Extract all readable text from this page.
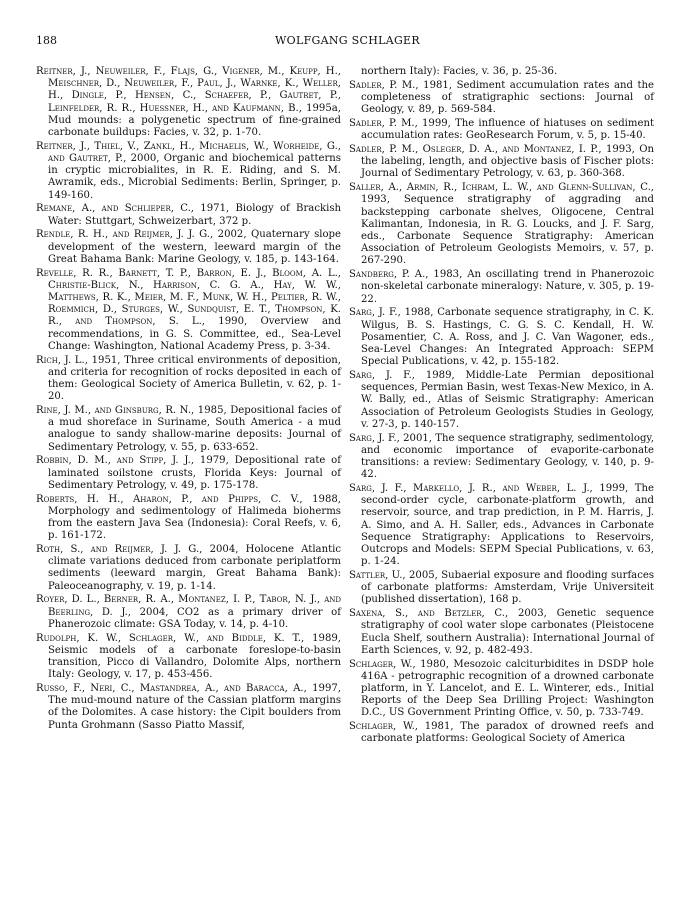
188	WOLFGANG SCHLAGER

Reitner, J., Neuweiler, F., Flajs, G., Vigener, M., Keupp, H., Meischner, D., Neuweiler, F., Paul, J., Warnke, K., Weller, H., Dingle, P., Hensen, C., Schaefer, P., Gautret, P., Leinfelder, R. R., Huessner, H., and Kaufmann, B., 1995a, Mud mounds: a polygenetic spectrum of fine-grained carbonate buildups: Facies, v. 32, p. 1-70.

Reitner, J., Thiel, V., Zankl, H., Michaelis, W., Worheide, G., and Gautret, P., 2000, Organic and biochemical patterns in cryptic microbialites, in R. E. Riding, and S. M. Awramik, eds., Microbial Sediments: Berlin, Springer, p. 149-160.

Remane, A., and Schlieper, C., 1971, Biology of Brackish Water: Stuttgart, Schweizerbart, 372 p.

Rendle, R. H., and Reijmer, J. J. G., 2002, Quaternary slope development of the western, leeward margin of the Great Bahama Bank: Marine Geology, v. 185, p. 143-164.

Revelle, R. R., Barnett, T. P., Barron, E. J., Bloom, A. L., Christie-Blick, N., Harrison, C. G. A., Hay, W. W., Matthews, R. K., Meier, M. F., Munk, W. H., Peltier, R. W., Roemmich, D., Sturges, W., Sundquist, E. T., Thompson, K. R., and Thompson, S. L., 1990, Overview and recommendations, in G. S. Committee, ed., Sea-Level Change: Washington, National Academy Press, p. 3-34.

Rich, J. L., 1951, Three critical environments of deposition, and criteria for recognition of rocks deposited in each of them: Geological Society of America Bulletin, v. 62, p. 1-20.

Rine, J. M., and Ginsburg, R. N., 1985, Depositional facies of a mud shoreface in Suriname, South America - a mud analogue to sandy shallow-marine deposits: Journal of Sedimentary Petrology, v. 55, p. 633-652.

Robbin, D. M., and Stipp, J. J., 1979, Depositional rate of laminated soilstone crusts, Florida Keys: Journal of Sedimentary Petrology, v. 49, p. 175-178.

Roberts, H. H., Aharon, P., and Phipps, C. V., 1988, Morphology and sedimentology of Halimeda bioherms from the eastern Java Sea (Indonesia): Coral Reefs, v. 6, p. 161-172.

Roth, S., and Reijmer, J. J. G., 2004, Holocene Atlantic climate variations deduced from carbonate periplatform sediments (leeward margin, Great Bahama Bank): Paleoceanography, v. 19, p. 1-14.

Royer, D. L., Berner, R. A., Montanez, I. P., Tabor, N. J., and Beerling, D. J., 2004, CO2 as a primary driver of Phanerozoic climate: GSA Today, v. 14, p. 4-10.

Rudolph, K. W., Schlager, W., and Biddle, K. T., 1989, Seismic models of a carbonate foreslope-to-basin transition, Picco di Vallandro, Dolomite Alps, northern Italy: Geology, v. 17, p. 453-456.

Russo, F., Neri, C., Mastandrea, A., and Baracca, A., 1997, The mud-mound nature of the Cassian platform margins of the Dolomites. A case history: the Cipit boulders from Punta Grohmann (Sasso Piatto Massif,

northern Italy): Facies, v. 36, p. 25-36.

Sadler, P. M., 1981, Sediment accumulation rates and the completeness of stratigraphic sections: Journal of Geology, v. 89, p. 569-584.

Sadler, P. M., 1999, The influence of hiatuses on sediment accumulation rates: GeoResearch Forum, v. 5, p. 15-40.

Sadler, P. M., Osleger, D. A., and Montanez, I. P., 1993, On the labeling, length, and objective basis of Fischer plots: Journal of Sedimentary Petrology, v. 63, p. 360-368.

Saller, A., Armin, R., Ichram, L. W., and Glenn-Sullivan, C., 1993, Sequence stratigraphy of aggrading and backstepping carbonate shelves, Oligocene, Central Kalimantan, Indonesia, in R. G. Loucks, and J. F. Sarg, eds., Carbonate Sequence Stratigraphy: American Association of Petroleum Geologists Memoirs, v. 57, p. 267-290.

Sandberg, P. A., 1983, An oscillating trend in Phanerozoic non-skeletal carbonate mineralogy: Nature, v. 305, p. 19-22.

Sarg, J. F., 1988, Carbonate sequence stratigraphy, in C. K. Wilgus, B. S. Hastings, C. G. S. C. Kendall, H. W. Posamentier, C. A. Ross, and J. C. Van Wagoner, eds., Sea-Level Changes: An Integrated Approach: SEPM Special Publications, v. 42, p. 155-182.

Sarg, J. F., 1989, Middle-Late Permian depositional sequences, Permian Basin, west Texas-New Mexico, in A. W. Bally, ed., Atlas of Seismic Stratigraphy: American Association of Petroleum Geologists Studies in Geology, v. 27-3, p. 140-157.

Sarg, J. F., 2001, The sequence stratigraphy, sedimentology, and economic importance of evaporite-carbonate transitions: a review: Sedimentary Geology, v. 140, p. 9-42.

Sarg, J. F., Markello, J. R., and Weber, L. J., 1999, The second-order cycle, carbonate-platform growth, and reservoir, source, and trap prediction, in P. M. Harris, J. A. Simo, and A. H. Saller, eds., Advances in Carbonate Sequence Stratigraphy: Applications to Reservoirs, Outcrops and Models: SEPM Special Publications, v. 63, p. 1-24.

Sattler, U., 2005, Subaerial exposure and flooding surfaces of carbonate platforms: Amsterdam, Vrije Universiteit (published dissertation), 168 p.

Saxena, S., and Betzler, C., 2003, Genetic sequence stratigraphy of cool water slope carbonates (Pleistocene Eucla Shelf, southern Australia): International Journal of Earth Sciences, v. 92, p. 482-493.

Schlager, W., 1980, Mesozoic calciturbidites in DSDP hole 416A - petrographic recognition of a drowned carbonate platform, in Y. Lancelot, and E. L. Winterer, eds., Initial Reports of the Deep Sea Drilling Project: Washington D.C., US Government Printing Office, v. 50, p. 733-749.

Schlager, W., 1981, The paradox of drowned reefs and carbonate platforms: Geological Society of America
